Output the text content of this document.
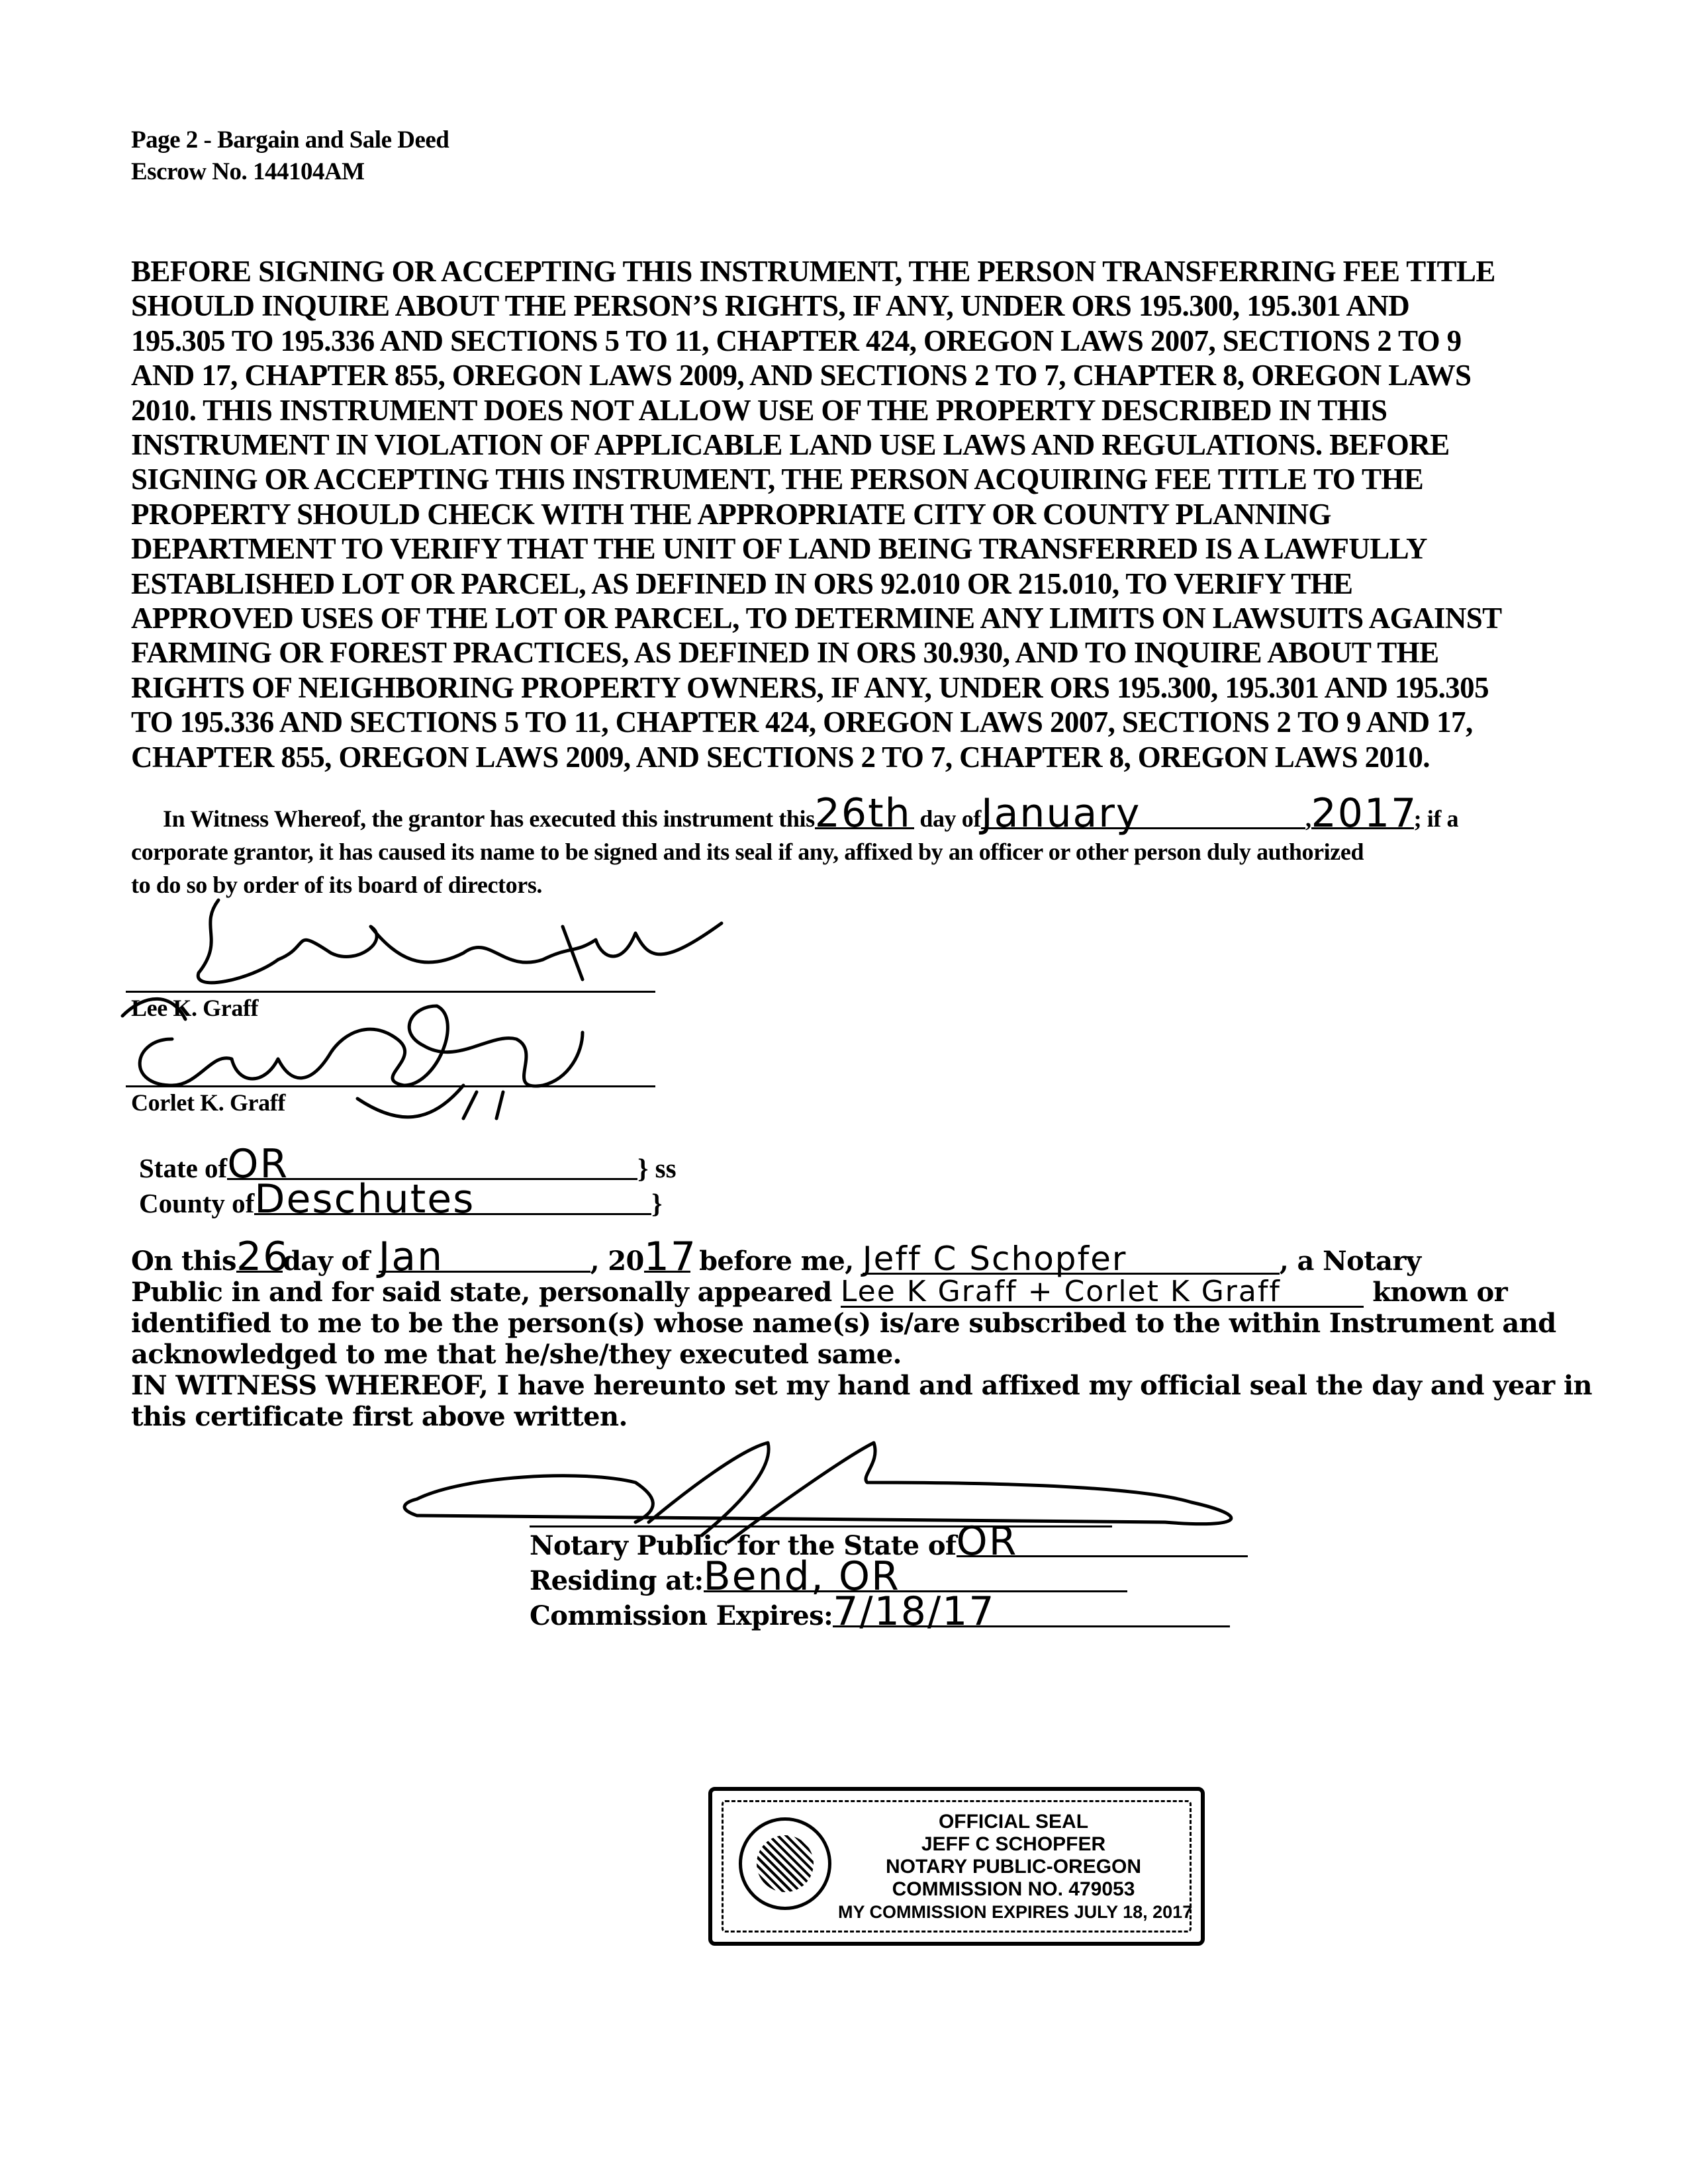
Page 2 - Bargain and Sale Deed
Escrow No. 144104AM
BEFORE SIGNING OR ACCEPTING THIS INSTRUMENT, THE PERSON TRANSFERRING FEE TITLE
SHOULD INQUIRE ABOUT THE PERSON’S RIGHTS, IF ANY, UNDER ORS 195.300, 195.301 AND
195.305 TO 195.336 AND SECTIONS 5 TO 11, CHAPTER 424, OREGON LAWS 2007, SECTIONS 2 TO 9
AND 17, CHAPTER 855, OREGON LAWS 2009, AND SECTIONS 2 TO 7, CHAPTER 8, OREGON LAWS
2010. THIS INSTRUMENT DOES NOT ALLOW USE OF THE PROPERTY DESCRIBED IN THIS
INSTRUMENT IN VIOLATION OF APPLICABLE LAND USE LAWS AND REGULATIONS. BEFORE
SIGNING OR ACCEPTING THIS INSTRUMENT, THE PERSON ACQUIRING FEE TITLE TO THE
PROPERTY SHOULD CHECK WITH THE APPROPRIATE CITY OR COUNTY PLANNING
DEPARTMENT TO VERIFY THAT THE UNIT OF LAND BEING TRANSFERRED IS A LAWFULLY
ESTABLISHED LOT OR PARCEL, AS DEFINED IN ORS 92.010 OR 215.010, TO VERIFY THE
APPROVED USES OF THE LOT OR PARCEL, TO DETERMINE ANY LIMITS ON LAWSUITS AGAINST
FARMING OR FOREST PRACTICES, AS DEFINED IN ORS 30.930, AND TO INQUIRE ABOUT THE
RIGHTS OF NEIGHBORING PROPERTY OWNERS, IF ANY, UNDER ORS 195.300, 195.301 AND 195.305
TO 195.336 AND SECTIONS 5 TO 11, CHAPTER 424, OREGON LAWS 2007, SECTIONS 2 TO 9 AND 17,
CHAPTER 855, OREGON LAWS 2009, AND SECTIONS 2 TO 7, CHAPTER 8, OREGON LAWS 2010.
In Witness Whereof, the grantor has executed this instrument this26th day ofJanuary	,2017; if a
corporate grantor, it has caused its name to be signed and its seal if any, affixed by an officer or other person duly authorized
to do so by order of its board of directors.
Lee K. Graff
Corlet K. Graff
State ofOR	} ss
County ofDeschutes	}
On this26day of Jan	, 2017 before me, Jeff C Schopfer	, a Notary
Public in and for said state, personally appeared Lee K Graff + Corlet K Graff	known or
identified to me to be the person(s) whose name(s) is/are subscribed to the within Instrument and
acknowledged to me that he/she/they executed same.
IN WITNESS WHEREOF, I have hereunto set my hand and affixed my official seal the day and year in
this certificate first above written.
Notary Public for the State ofOR
Residing at:Bend, OR
Commission Expires:7/18/17
OFFICIAL SEAL
JEFF C SCHOPFER
NOTARY PUBLIC-OREGON
COMMISSION NO. 479053
MY COMMISSION EXPIRES JULY 18, 2017
